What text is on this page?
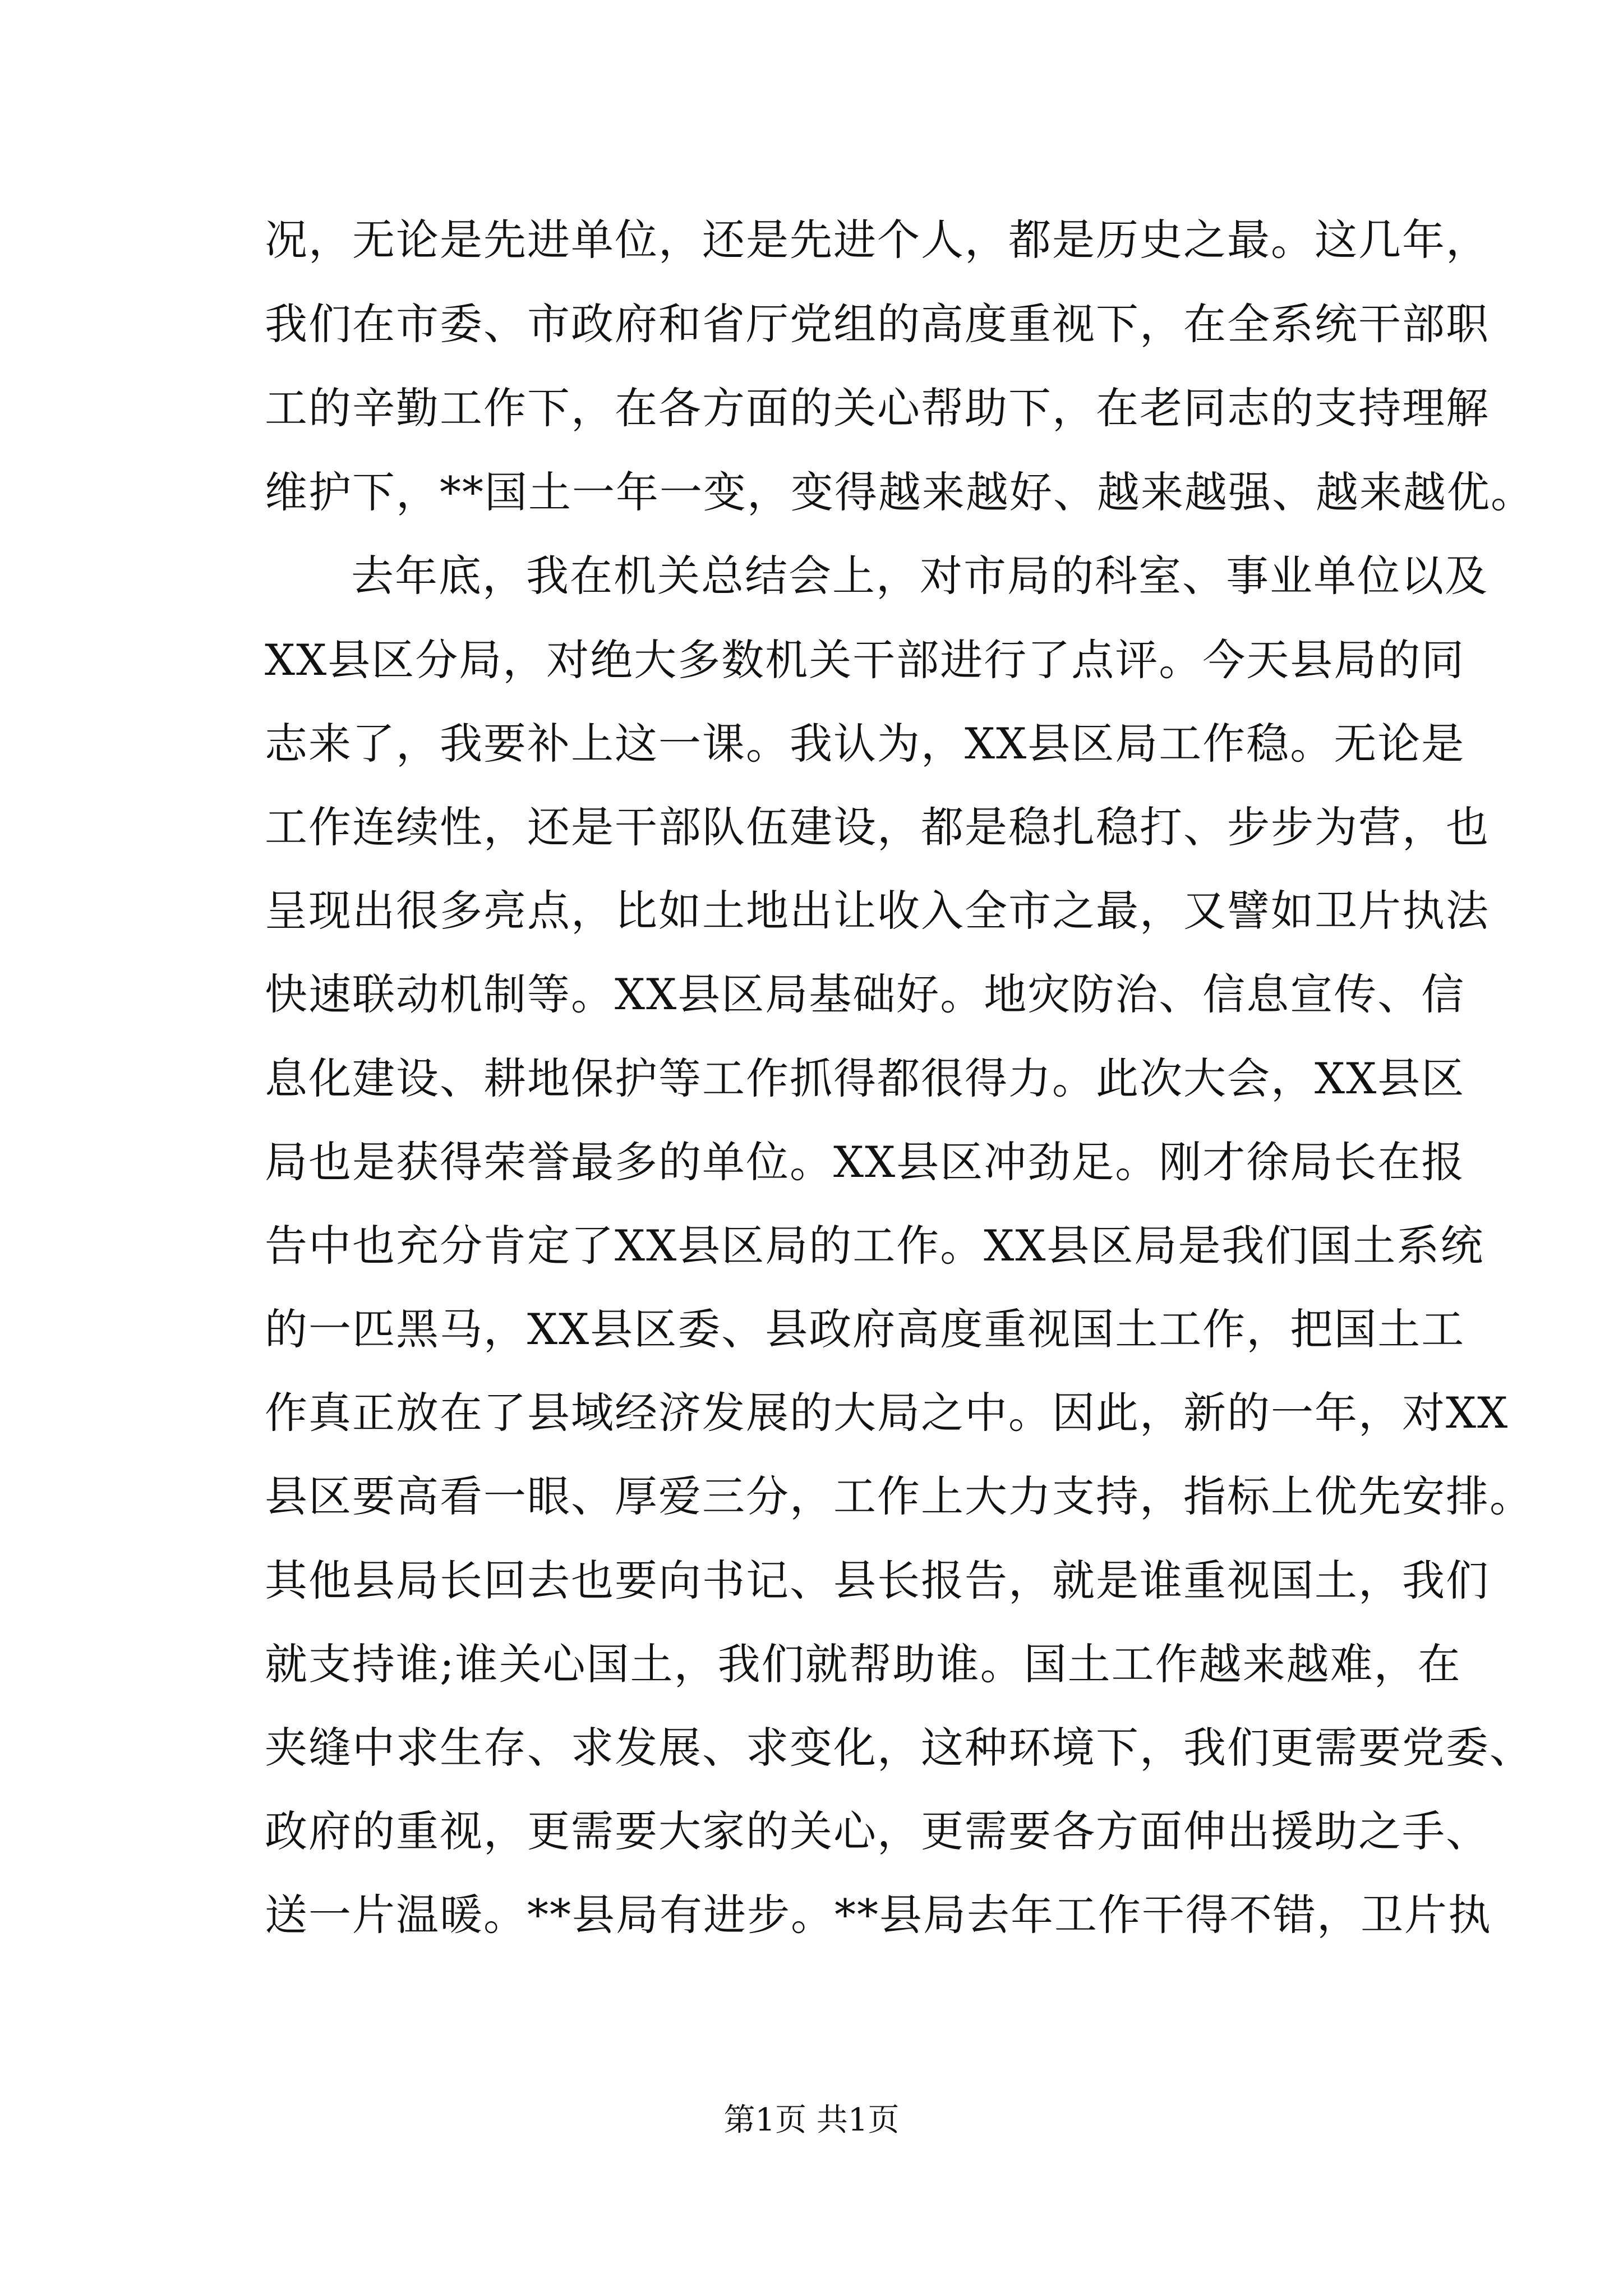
况，无论是先进单位，还是先进个人，都是历史之最。这几年，
我们在市委、市政府和省厅党组的高度重视下，在全系统干部职
工的辛勤工作下，在各方面的关心帮助下，在老同志的支持理解
维护下，**国土一年一变，变得越来越好、越来越强、越来越优。
去年底，我在机关总结会上，对市局的科室、事业单位以及
XX县区分局，对绝大多数机关干部进行了点评。今天县局的同
志来了，我要补上这一课。我认为，XX县区局工作稳。无论是
工作连续性，还是干部队伍建设，都是稳扎稳打、步步为营，也
呈现出很多亮点，比如土地出让收入全市之最，又譬如卫片执法
快速联动机制等。XX县区局基础好。地灾防治、信息宣传、信
息化建设、耕地保护等工作抓得都很得力。此次大会，XX县区
局也是获得荣誉最多的单位。XX县区冲劲足。刚才徐局长在报
告中也充分肯定了XX县区局的工作。XX县区局是我们国土系统
的一匹黑马，XX县区委、县政府高度重视国土工作，把国土工
作真正放在了县域经济发展的大局之中。因此，新的一年，对XX
县区要高看一眼、厚爱三分，工作上大力支持，指标上优先安排。
其他县局长回去也要向书记、县长报告，就是谁重视国土，我们
就支持谁;谁关心国土，我们就帮助谁。国土工作越来越难，在
夹缝中求生存、求发展、求变化，这种环境下，我们更需要党委、
政府的重视，更需要大家的关心，更需要各方面伸出援助之手、
送一片温暖。**县局有进步。**县局去年工作干得不错，卫片执
第1页 共1页
